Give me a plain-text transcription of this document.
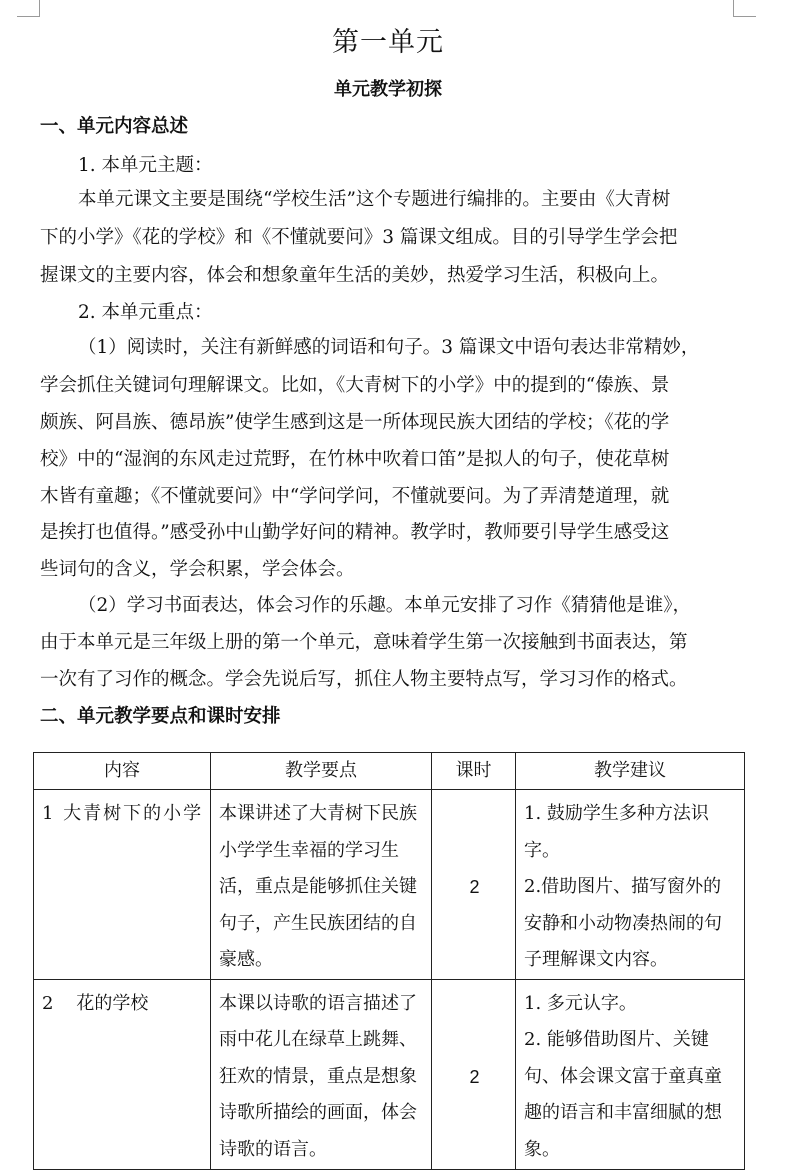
第一单元
单元教学初探
一、单元内容总述
1. 本单元主题：
本单元课文主要是围绕“学校生活”这个专题进行编排的。主要由《大青树
下的小学》《花的学校》和《不懂就要问》3 篇课文组成。目的引导学生学会把
握课文的主要内容，体会和想象童年生活的美妙，热爱学习生活，积极向上。
2. 本单元重点：
（1）阅读时，关注有新鲜感的词语和句子。3 篇课文中语句表达非常精妙，
学会抓住关键词句理解课文。比如，《大青树下的小学》中的提到的“傣族、景
颇族、阿昌族、德昂族”使学生感到这是一所体现民族大团结的学校；《花的学
校》中的“湿润的东风走过荒野，在竹林中吹着口笛”是拟人的句子，使花草树
木皆有童趣；《不懂就要问》中“学问学问，不懂就要问。为了弄清楚道理，就
是挨打也值得。”感受孙中山勤学好问的精神。教学时，教师要引导学生感受这
些词句的含义，学会积累，学会体会。
（2）学习书面表达，体会习作的乐趣。本单元安排了习作《猜猜他是谁》，
由于本单元是三年级上册的第一个单元，意味着学生第一次接触到书面表达，第
一次有了习作的概念。学会先说后写，抓住人物主要特点写，学习习作的格式。
二、单元教学要点和课时安排
内容	教学要点	课时	教学建议
1 大青树下的小学	本课讲述了大青树下民族小学学生幸福的学习生活，重点是能够抓住关键句子，产生民族团结的自豪感。	2	1. 鼓励学生多种方法识字。
2.借助图片、描写窗外的安静和小动物凑热闹的句子理解课文内容。

2    花的学校	本课以诗歌的语言描述了雨中花儿在绿草上跳舞、狂欢的情景，重点是想象诗歌所描绘的画面，体会诗歌的语言。	2	1. 多元认字。
2. 能够借助图片、关键句、体会课文富于童真童趣的语言和丰富细腻的想象。
